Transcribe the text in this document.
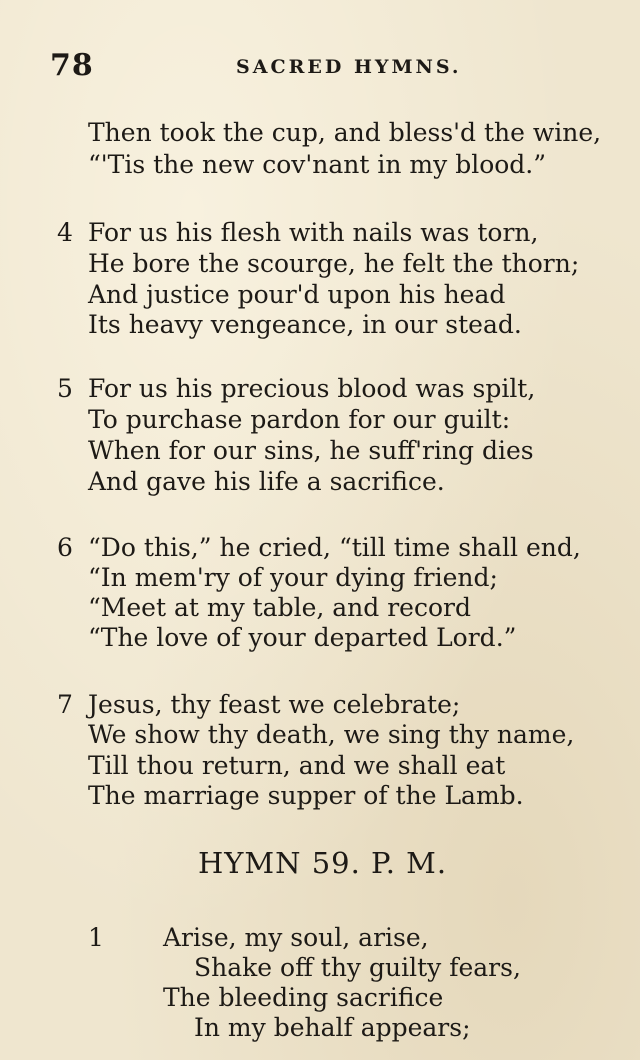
78	SACRED HYMNS.
Then took the cup, and bless'd the wine,
“'Tis the new cov'nant in my blood.”
4 For us his flesh with nails was torn,
He bore the scourge, he felt the thorn;
And justice pour'd upon his head
Its heavy vengeance, in our stead.
5 For us his precious blood was spilt,
To purchase pardon for our guilt:
When for our sins, he suff'ring dies
And gave his life a sacrifice.
6 “Do this,” he cried, “till time shall end,
“In mem'ry of your dying friend;
“Meet at my table, and record
“The love of your departed Lord.”
7 Jesus, thy feast we celebrate;
We show thy death, we sing thy name,
Till thou return, and we shall eat
The marriage supper of the Lamb.
HYMN 59. P. M.
1 Arise, my soul, arise,
Shake off thy guilty fears,
The bleeding sacrifice
In my behalf appears;
